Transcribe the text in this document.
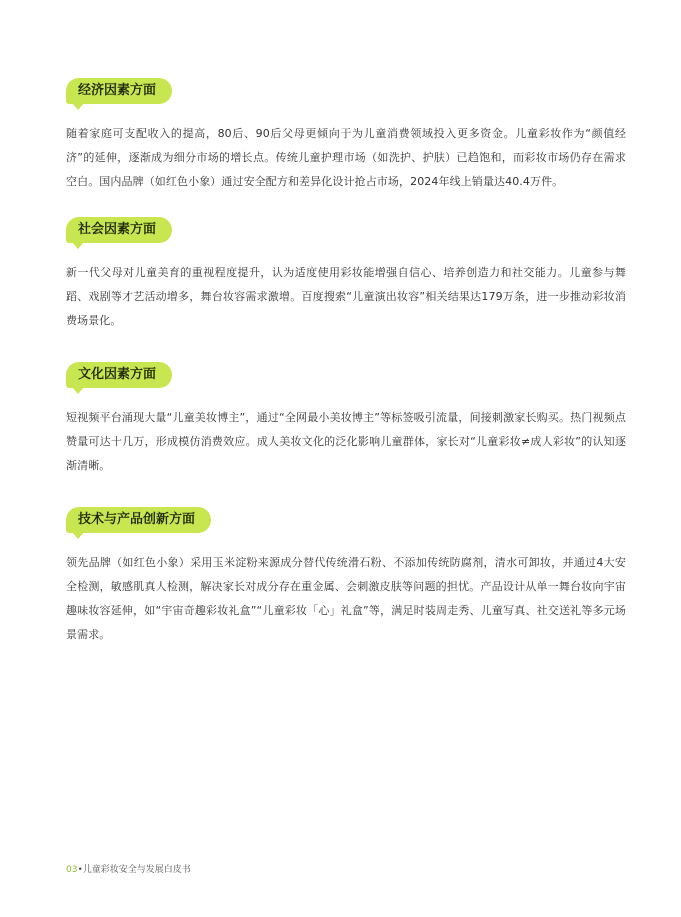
经济因素方面
随着家庭可支配收入的提高，80后、90后父母更倾向于为儿童消费领域投入更多资金。儿童彩妆作为“颜值经济”的延伸，逐渐成为细分市场的增长点。传统儿童护理市场（如洗护、护肤）已趋饱和，而彩妆市场仍存在需求空白。国内品牌（如红色小象）通过安全配方和差异化设计抢占市场，2024年线上销量达40.4万件。
社会因素方面
新一代父母对儿童美育的重视程度提升，认为适度使用彩妆能增强自信心、培养创造力和社交能力。儿童参与舞蹈、戏剧等才艺活动增多，舞台妆容需求激增。百度搜索“儿童演出妆容”相关结果达179万条，进一步推动彩妆消费场景化。
文化因素方面
短视频平台涌现大量“儿童美妆博主”，通过“全网最小美妆博主”等标签吸引流量，间接刺激家长购买。热门视频点赞量可达十几万，形成模仿消费效应。成人美妆文化的泛化影响儿童群体，家长对“儿童彩妆≠成人彩妆”的认知逐渐清晰。
技术与产品创新方面
领先品牌（如红色小象）采用玉米淀粉来源成分替代传统滑石粉、不添加传统防腐剂，清水可卸妆，并通过4大安全检测，敏感肌真人检测，解决家长对成分存在重金属、会刺激皮肤等问题的担忧。产品设计从单一舞台妆向宇宙趣味妆容延伸，如“宇宙奇趣彩妆礼盒”“儿童彩妆「心」礼盒”等，满足时装周走秀、儿童写真、社交送礼等多元场景需求。
03•儿童彩妆安全与发展白皮书
